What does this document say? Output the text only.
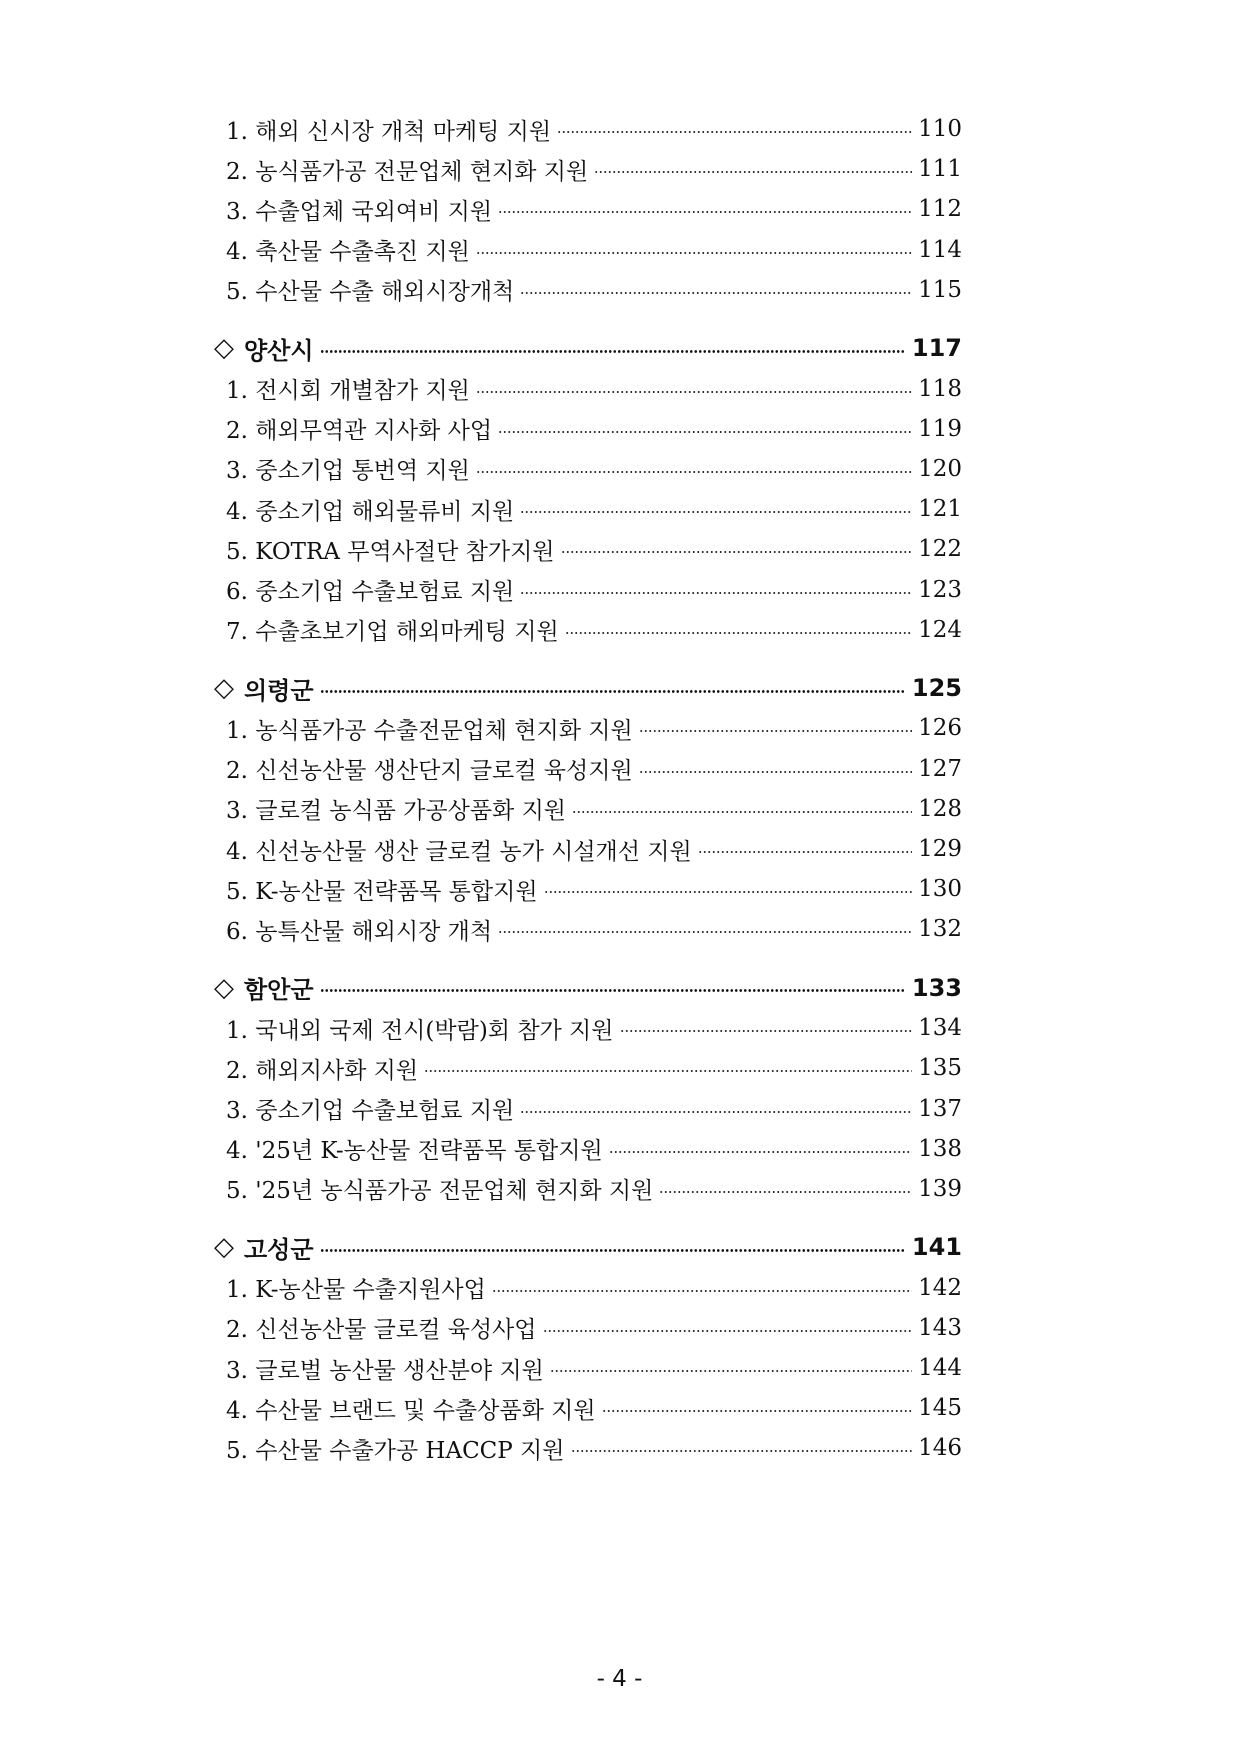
1. 해외 신시장 개척 마케팅 지원	110
2. 농식품가공 전문업체 현지화 지원	111
3. 수출업체 국외여비 지원	112
4. 축산물 수출촉진 지원	114
5. 수산물 수출 해외시장개척	115
◇ 양산시	117
1. 전시회 개별참가 지원	118
2. 해외무역관 지사화 사업	119
3. 중소기업 통번역 지원	120
4. 중소기업 해외물류비 지원	121
5. KOTRA 무역사절단 참가지원	122
6. 중소기업 수출보험료 지원	123
7. 수출초보기업 해외마케팅 지원	124
◇ 의령군	125
1. 농식품가공 수출전문업체 현지화 지원	126
2. 신선농산물 생산단지 글로컬 육성지원	127
3. 글로컬 농식품 가공상품화 지원	128
4. 신선농산물 생산 글로컬 농가 시설개선 지원	129
5. K-농산물 전략품목 통합지원	130
6. 농특산물 해외시장 개척	132
◇ 함안군	133
1. 국내외 국제 전시(박람)회 참가 지원	134
2. 해외지사화 지원	135
3. 중소기업 수출보험료 지원	137
4. '25년 K-농산물 전략품목 통합지원	138
5. '25년 농식품가공 전문업체 현지화 지원	139
◇ 고성군	141
1. K-농산물 수출지원사업	142
2. 신선농산물 글로컬 육성사업	143
3. 글로벌 농산물 생산분야 지원	144
4. 수산물 브랜드 및 수출상품화 지원	145
5. 수산물 수출가공 HACCP 지원	146
- 4 -
